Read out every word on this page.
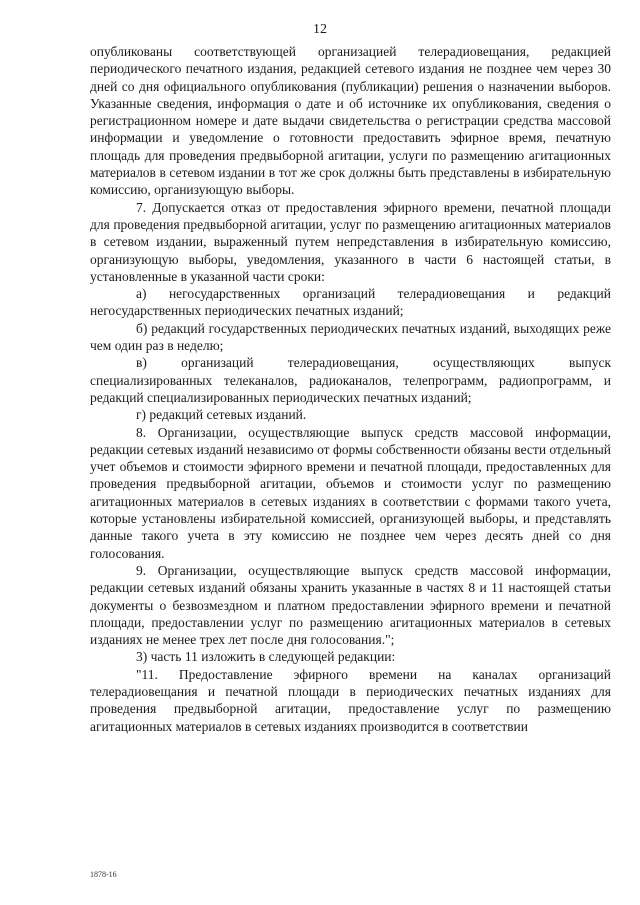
12

опубликованы соответствующей организацией телерадиовещания, редакцией периодического печатного издания, редакцией сетевого издания не позднее чем через 30 дней со дня официального опубликования (публикации) решения о назначении выборов. Указанные сведения, информация о дате и об источнике их опубликования, сведения о регистрационном номере и дате выдачи свидетельства о регистрации средства массовой информации и уведомление о готовности предоставить эфирное время, печатную площадь для проведения предвыборной агитации, услуги по размещению агитационных материалов в сетевом издании в тот же срок должны быть представлены в избирательную комиссию, организующую выборы.

7. Допускается отказ от предоставления эфирного времени, печатной площади для проведения предвыборной агитации, услуг по размещению агитационных материалов в сетевом издании, выраженный путем непредставления в избирательную комиссию, организующую выборы, уведомления, указанного в части 6 настоящей статьи, в установленные в указанной части сроки:

а) негосударственных организаций телерадиовещания и редакций негосударственных периодических печатных изданий;

б) редакций государственных периодических печатных изданий, выходящих реже чем один раз в неделю;

в) организаций телерадиовещания, осуществляющих выпуск специализированных телеканалов, радиоканалов, телепрограмм, радиопрограмм, и редакций специализированных периодических печатных изданий;

г) редакций сетевых изданий.

8. Организации, осуществляющие выпуск средств массовой информации, редакции сетевых изданий независимо от формы собственности обязаны вести отдельный учет объемов и стоимости эфирного времени и печатной площади, предоставленных для проведения предвыборной агитации, объемов и стоимости услуг по размещению агитационных материалов в сетевых изданиях в соответствии с формами такого учета, которые установлены избирательной комиссией, организующей выборы, и представлять данные такого учета в эту комиссию не позднее чем через десять дней со дня голосования.

9. Организации, осуществляющие выпуск средств массовой информации, редакции сетевых изданий обязаны хранить указанные в частях 8 и 11 настоящей статьи документы о безвозмездном и платном предоставлении эфирного времени и печатной площади, предоставлении услуг по размещению агитационных материалов в сетевых изданиях не менее трех лет после дня голосования.";

3) часть 11 изложить в следующей редакции:

"11. Предоставление эфирного времени на каналах организаций телерадиовещания и печатной площади в периодических печатных изданиях для проведения предвыборной агитации, предоставление услуг по размещению агитационных материалов в сетевых изданиях производится в соответствии

1878-16
